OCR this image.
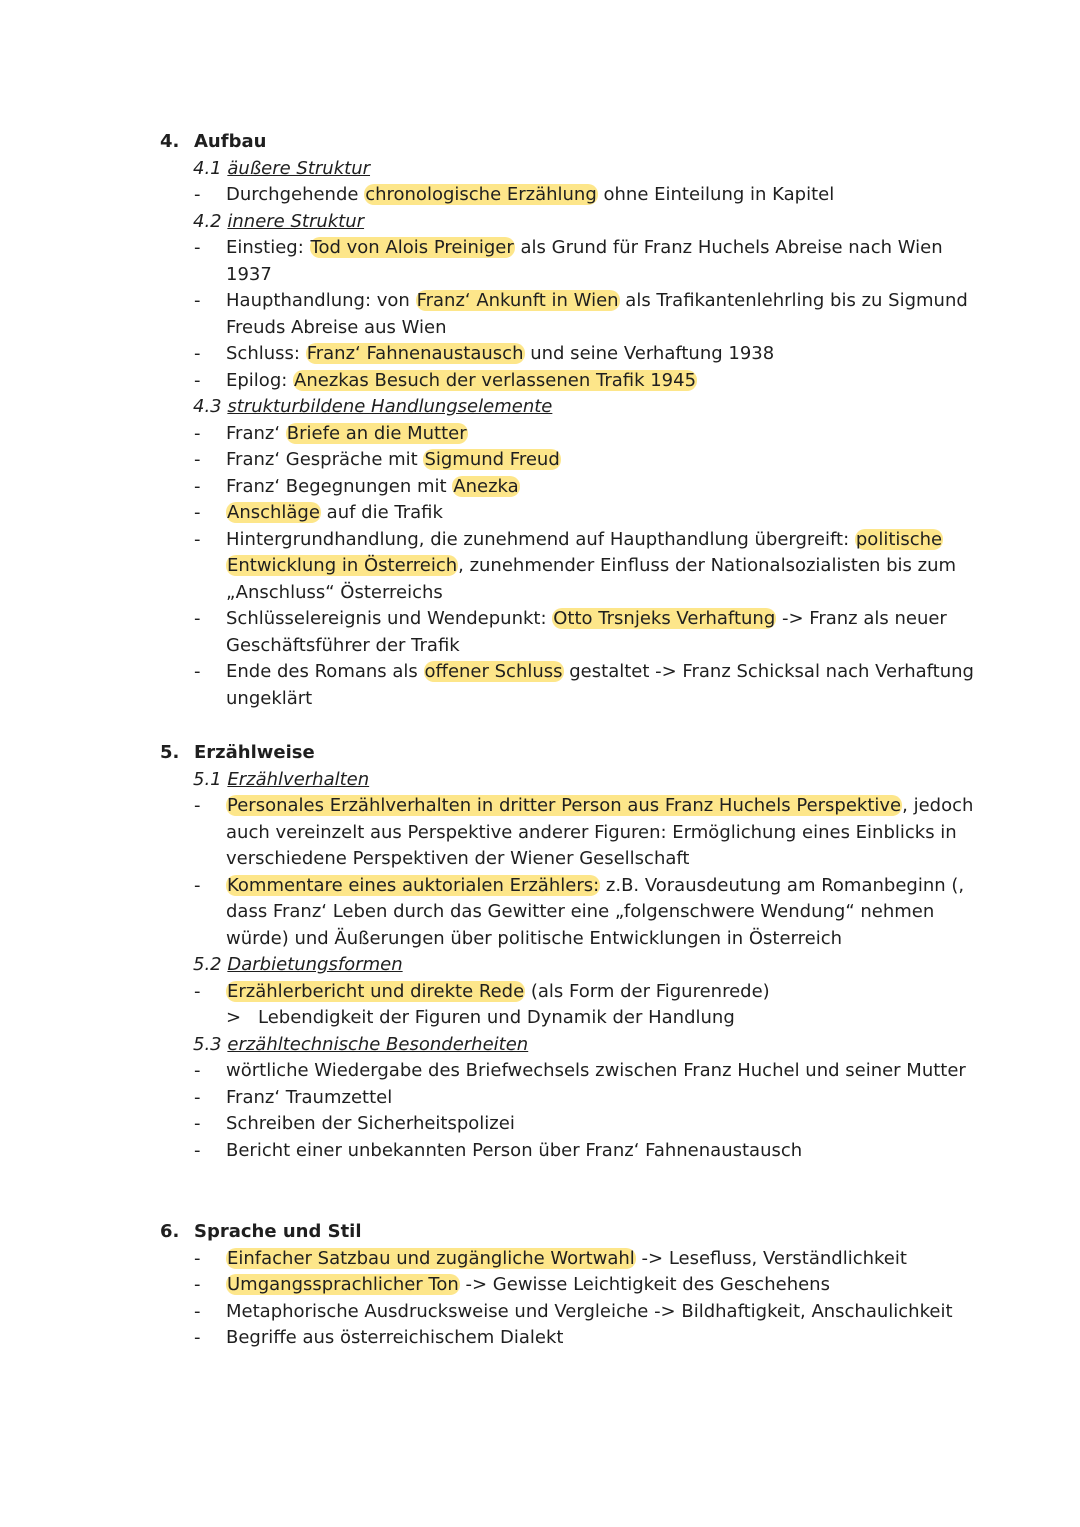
4. Aufbau
4.1 äußere Struktur
- Durchgehende chronologische Erzählung ohne Einteilung in Kapitel
4.2 innere Struktur
- Einstieg: Tod von Alois Preiniger als Grund für Franz Huchels Abreise nach Wien 1937
- Haupthandlung: von Franz‘ Ankunft in Wien als Trafikantenlehrling bis zu Sigmund Freuds Abreise aus Wien
- Schluss: Franz‘ Fahnenaustausch und seine Verhaftung 1938
- Epilog: Anezkas Besuch der verlassenen Trafik 1945
4.3 strukturbildene Handlungselemente
- Franz‘ Briefe an die Mutter
- Franz‘ Gespräche mit Sigmund Freud
- Franz‘ Begegnungen mit Anezka
- Anschläge auf die Trafik
- Hintergrundhandlung, die zunehmend auf Haupthandlung übergreift: politische Entwicklung in Österreich, zunehmender Einfluss der Nationalsozialisten bis zum „Anschluss“ Österreichs
- Schlüsselereignis und Wendepunkt: Otto Trsnjeks Verhaftung -> Franz als neuer Geschäftsführer der Trafik
- Ende des Romans als offener Schluss gestaltet -> Franz Schicksal nach Verhaftung ungeklärt
5. Erzählweise
5.1 Erzählverhalten
- Personales Erzählverhalten in dritter Person aus Franz Huchels Perspektive, jedoch auch vereinzelt aus Perspektive anderer Figuren: Ermöglichung eines Einblicks in verschiedene Perspektiven der Wiener Gesellschaft
- Kommentare eines auktorialen Erzählers: z.B. Vorausdeutung am Romanbeginn (, dass Franz‘ Leben durch das Gewitter eine „folgenschwere Wendung“ nehmen würde) und Äußerungen über politische Entwicklungen in Österreich
5.2 Darbietungsformen
- Erzählerbericht und direkte Rede (als Form der Figurenrede)
> Lebendigkeit der Figuren und Dynamik der Handlung
5.3 erzähltechnische Besonderheiten
- wörtliche Wiedergabe des Briefwechsels zwischen Franz Huchel und seiner Mutter
- Franz‘ Traumzettel
- Schreiben der Sicherheitspolizei
- Bericht einer unbekannten Person über Franz‘ Fahnenaustausch
6. Sprache und Stil
- Einfacher Satzbau und zugängliche Wortwahl -> Lesefluss, Verständlichkeit
- Umgangssprachlicher Ton -> Gewisse Leichtigkeit des Geschehens
- Metaphorische Ausdrucksweise und Vergleiche -> Bildhaftigkeit, Anschaulichkeit
- Begriffe aus österreichischem Dialekt
